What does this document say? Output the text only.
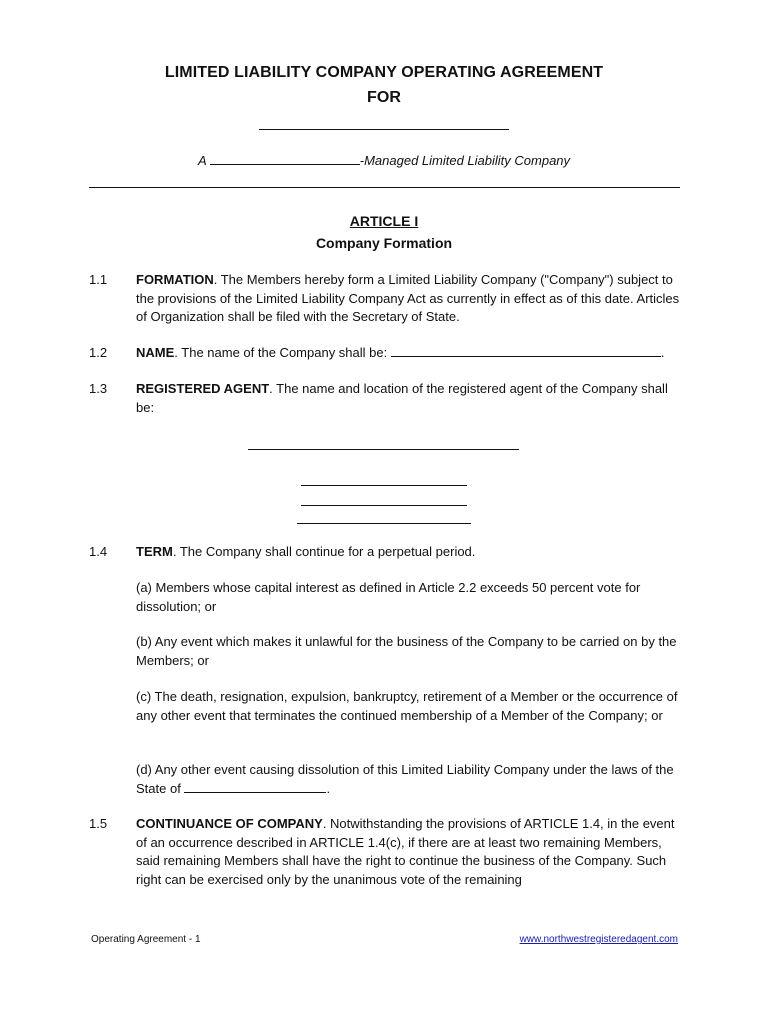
LIMITED LIABILITY COMPANY OPERATING AGREEMENT
FOR
A	-Managed Limited Liability Company
ARTICLE I
Company Formation
1.1 FORMATION. The Members hereby form a Limited Liability Company ("Company") subject to the provisions of the Limited Liability Company Act as currently in effect as of this date. Articles of Organization shall be filed with the Secretary of State.
1.2 NAME. The name of the Company shall be:	.
1.3 REGISTERED AGENT. The name and location of the registered agent of the Company shall be:
1.4 TERM. The Company shall continue for a perpetual period.
(a) Members whose capital interest as defined in Article 2.2 exceeds 50 percent vote for dissolution; or
(b) Any event which makes it unlawful for the business of the Company to be carried on by the Members; or
(c) The death, resignation, expulsion, bankruptcy, retirement of a Member or the occurrence of any other event that terminates the continued membership of a Member of the Company; or
(d) Any other event causing dissolution of this Limited Liability Company under the laws of the State of	.
1.5 CONTINUANCE OF COMPANY. Notwithstanding the provisions of ARTICLE 1.4, in the event of an occurrence described in ARTICLE 1.4(c), if there are at least two remaining Members, said remaining Members shall have the right to continue the business of the Company. Such right can be exercised only by the unanimous vote of the remaining
Operating Agreement - 1	www.northwestregisteredagent.com
